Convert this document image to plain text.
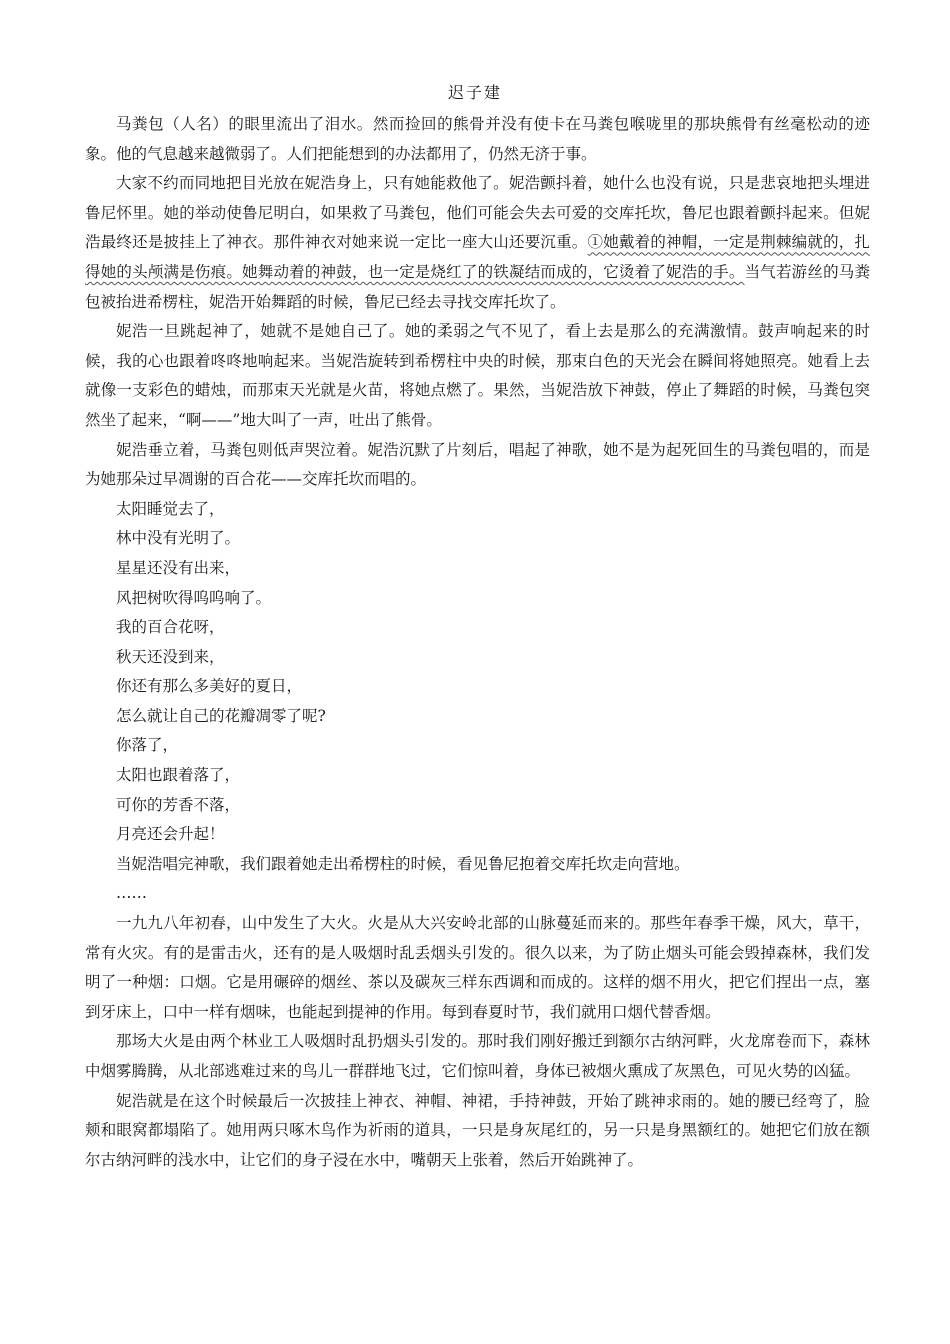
迟子建

马粪包（人名）的眼里流出了泪水。然而捡回的熊骨并没有使卡在马粪包喉咙里的那块熊骨有丝毫松动的迹象。他的气息越来越微弱了。人们把能想到的办法都用了，仍然无济于事。

大家不约而同地把目光放在妮浩身上，只有她能救他了。妮浩颤抖着，她什么也没有说，只是悲哀地把头埋进鲁尼怀里。她的举动使鲁尼明白，如果救了马粪包，他们可能会失去可爱的交库托坎，鲁尼也跟着颤抖起来。但妮浩最终还是披挂上了神衣。那件神衣对她来说一定比一座大山还要沉重。①她戴着的神帽，一定是荆棘编就的，扎得她的头颅满是伤痕。她舞动着的神鼓，也一定是烧红了的铁凝结而成的，它烫着了妮浩的手。当气若游丝的马粪包被抬进希楞柱，妮浩开始舞蹈的时候，鲁尼已经去寻找交库托坎了。

妮浩一旦跳起神了，她就不是她自己了。她的柔弱之气不见了，看上去是那么的充满激情。鼓声响起来的时候，我的心也跟着咚咚地响起来。当妮浩旋转到希楞柱中央的时候，那束白色的天光会在瞬间将她照亮。她看上去就像一支彩色的蜡烛，而那束天光就是火苗，将她点燃了。果然，当妮浩放下神鼓，停止了舞蹈的时候，马粪包突然坐了起来，“啊——”地大叫了一声，吐出了熊骨。

妮浩垂立着，马粪包则低声哭泣着。妮浩沉默了片刻后，唱起了神歌，她不是为起死回生的马粪包唱的，而是为她那朵过早凋谢的百合花——交库托坎而唱的。

太阳睡觉去了，

林中没有光明了。

星星还没有出来，

风把树吹得呜呜响了。

我的百合花呀，

秋天还没到来，

你还有那么多美好的夏日，

怎么就让自己的花瓣凋零了呢?

你落了，

太阳也跟着落了，

可你的芳香不落，

月亮还会升起！

当妮浩唱完神歌，我们跟着她走出希楞柱的时候，看见鲁尼抱着交库托坎走向营地。

……

一九九八年初春，山中发生了大火。火是从大兴安岭北部的山脉蔓延而来的。那些年春季干燥，风大，草干，常有火灾。有的是雷击火，还有的是人吸烟时乱丢烟头引发的。很久以来，为了防止烟头可能会毁掉森林，我们发明了一种烟：口烟。它是用碾碎的烟丝、茶以及碳灰三样东西调和而成的。这样的烟不用火，把它们捏出一点，塞到牙床上，口中一样有烟味，也能起到提神的作用。每到春夏时节，我们就用口烟代替香烟。

那场大火是由两个林业工人吸烟时乱扔烟头引发的。那时我们刚好搬迁到额尔古纳河畔，火龙席卷而下，森林中烟雾腾腾，从北部逃难过来的鸟儿一群群地飞过，它们惊叫着，身体已被烟火熏成了灰黑色，可见火势的凶猛。

妮浩就是在这个时候最后一次披挂上神衣、神帽、神裙，手持神鼓，开始了跳神求雨的。她的腰已经弯了，脸颊和眼窝都塌陷了。她用两只啄木鸟作为祈雨的道具，一只是身灰尾红的，另一只是身黑额红的。她把它们放在额尔古纳河畔的浅水中，让它们的身子浸在水中，嘴朝天上张着，然后开始跳神了。
